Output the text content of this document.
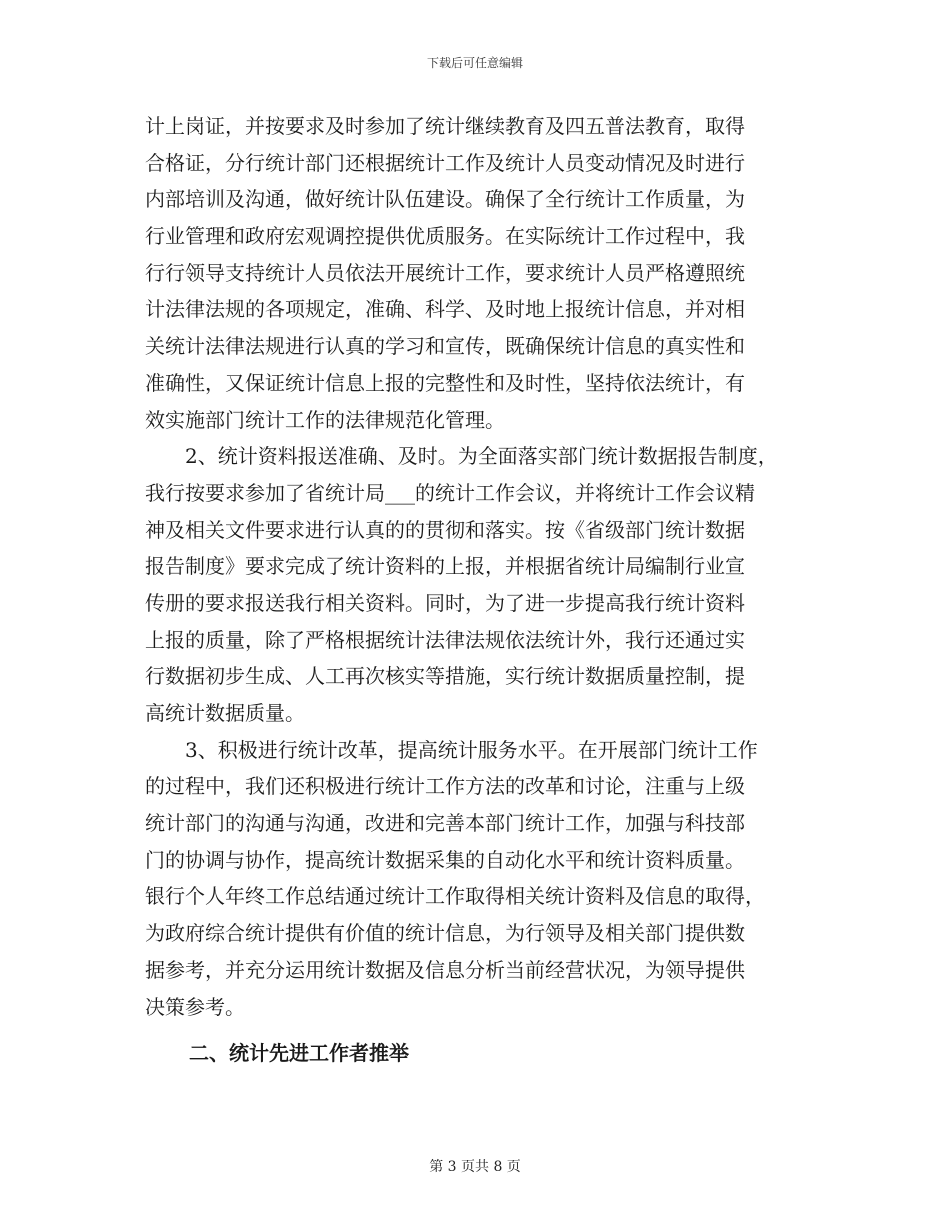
下载后可任意编辑
计上岗证，并按要求及时参加了统计继续教育及四五普法教育，取得
合格证，分行统计部门还根据统计工作及统计人员变动情况及时进行
内部培训及沟通，做好统计队伍建设。确保了全行统计工作质量，为
行业管理和政府宏观调控提供优质服务。在实际统计工作过程中，我
行行领导支持统计人员依法开展统计工作，要求统计人员严格遵照统
计法律法规的各项规定，准确、科学、及时地上报统计信息，并对相
关统计法律法规进行认真的学习和宣传，既确保统计信息的真实性和
准确性，又保证统计信息上报的完整性和及时性，坚持依法统计，有
效实施部门统计工作的法律规范化管理。
　　2、统计资料报送准确、及时。为全面落实部门统计数据报告制度，
我行按要求参加了省统计局___的统计工作会议，并将统计工作会议精
神及相关文件要求进行认真的的贯彻和落实。按《省级部门统计数据
报告制度》要求完成了统计资料的上报，并根据省统计局编制行业宣
传册的要求报送我行相关资料。同时，为了进一步提高我行统计资料
上报的质量，除了严格根据统计法律法规依法统计外，我行还通过实
行数据初步生成、人工再次核实等措施，实行统计数据质量控制，提
高统计数据质量。
　　3、积极进行统计改革，提高统计服务水平。在开展部门统计工作
的过程中，我们还积极进行统计工作方法的改革和讨论，注重与上级
统计部门的沟通与沟通，改进和完善本部门统计工作，加强与科技部
门的协调与协作，提高统计数据采集的自动化水平和统计资料质量。
银行个人年终工作总结通过统计工作取得相关统计资料及信息的取得，
为政府综合统计提供有价值的统计信息，为行领导及相关部门提供数
据参考，并充分运用统计数据及信息分析当前经营状况，为领导提供
决策参考。
二、统计先进工作者推举
第 3 页共 8 页
